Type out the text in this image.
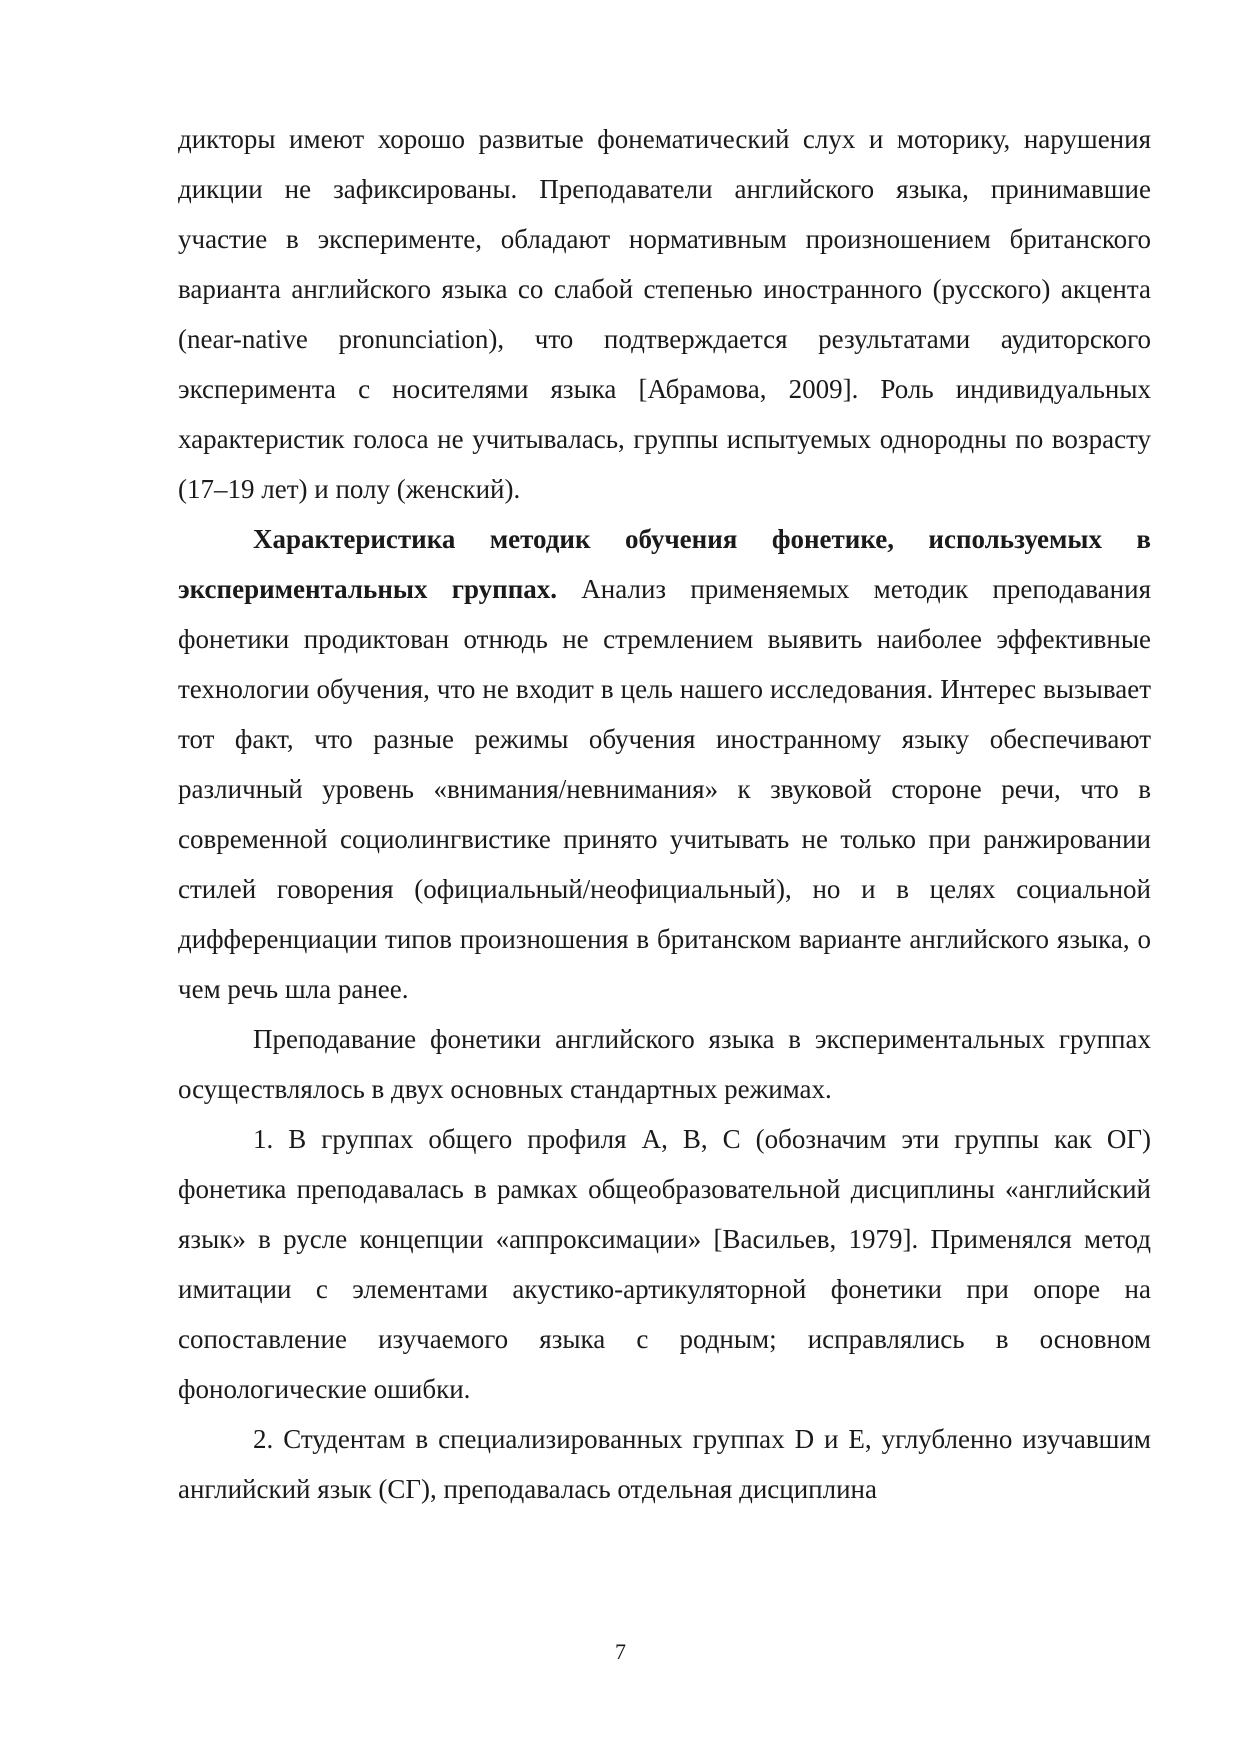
дикторы имеют хорошо развитые фонематический слух и моторику, нарушения дикции не зафиксированы. Преподаватели английского языка, принимавшие участие в эксперименте, обладают нормативным произношением британского варианта английского языка со слабой степенью иностранного (русского) акцента (near-native pronunciation), что подтверждается результатами аудиторского эксперимента с носителями языка [Абрамова, 2009]. Роль индивидуальных характеристик голоса не учитывалась, группы испытуемых однородны по возрасту (17–19 лет) и полу (женский).

Характеристика методик обучения фонетике, используемых в экспериментальных группах. Анализ применяемых методик преподавания фонетики продиктован отнюдь не стремлением выявить наиболее эффективные технологии обучения, что не входит в цель нашего исследования. Интерес вызывает тот факт, что разные режимы обучения иностранному языку обеспечивают различный уровень «внимания/невнимания» к звуковой стороне речи, что в современной социолингвистике принято учитывать не только при ранжировании стилей говорения (официальный/неофициальный), но и в целях социальной дифференциации типов произношения в британском варианте английского языка, о чем речь шла ранее.

Преподавание фонетики английского языка в экспериментальных группах осуществлялось в двух основных стандартных режимах.

1. В группах общего профиля A, B, C (обозначим эти группы как ОГ) фонетика преподавалась в рамках общеобразовательной дисциплины «английский язык» в русле концепции «аппроксимации» [Васильев, 1979]. Применялся метод имитации с элементами акустико-артикуляторной фонетики при опоре на сопоставление изучаемого языка с родным; исправлялись в основном фонологические ошибки.

2. Студентам в специализированных группах D и E, углубленно изучавшим английский язык (СГ), преподавалась отдельная дисциплина

7
